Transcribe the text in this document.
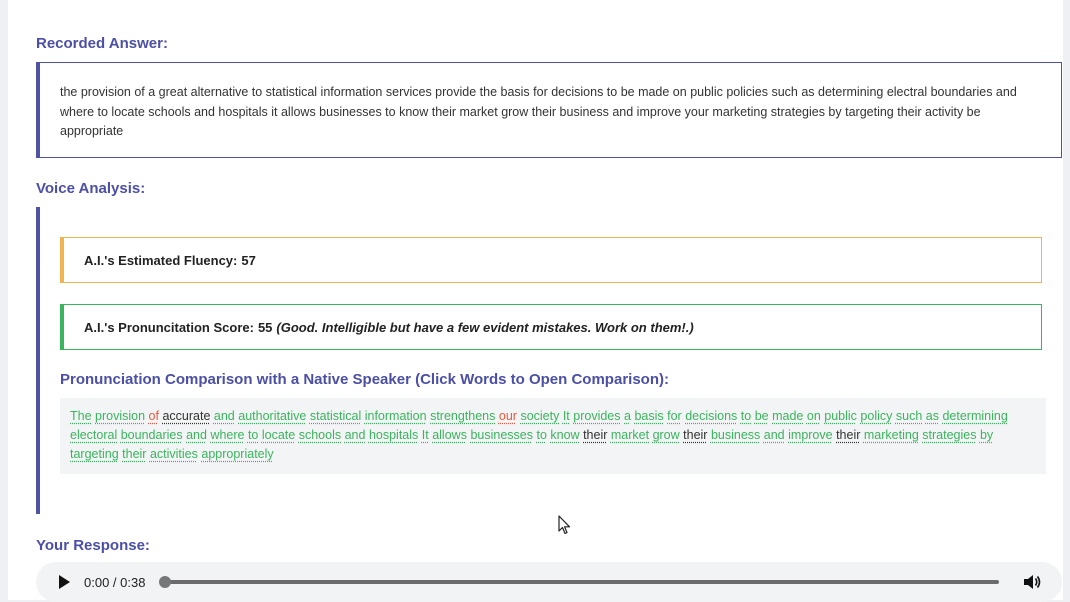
Recorded Answer:
the provision of a great alternative to statistical information services provide the basis for decisions to be made on public policies such as determining electral boundaries and where to locate schools and hospitals it allows businesses to know their market grow their business and improve your marketing strategies by targeting their activity be appropriate
Voice Analysis:
A.I.'s Estimated Fluency: 57
A.I.'s Pronuncitation Score: 55 (Good. Intelligible but have a few evident mistakes. Work on them!.)
Pronunciation Comparison with a Native Speaker (Click Words to Open Comparison):
The provision of accurate and authoritative statistical information strengthens our society It provides a basis for decisions to be made on public policy such as determining electoral boundaries and where to locate schools and hospitals It allows businesses to know their market grow their business and improve their marketing strategies by targeting their activities appropriately
Your Response:
0:00 / 0:38
